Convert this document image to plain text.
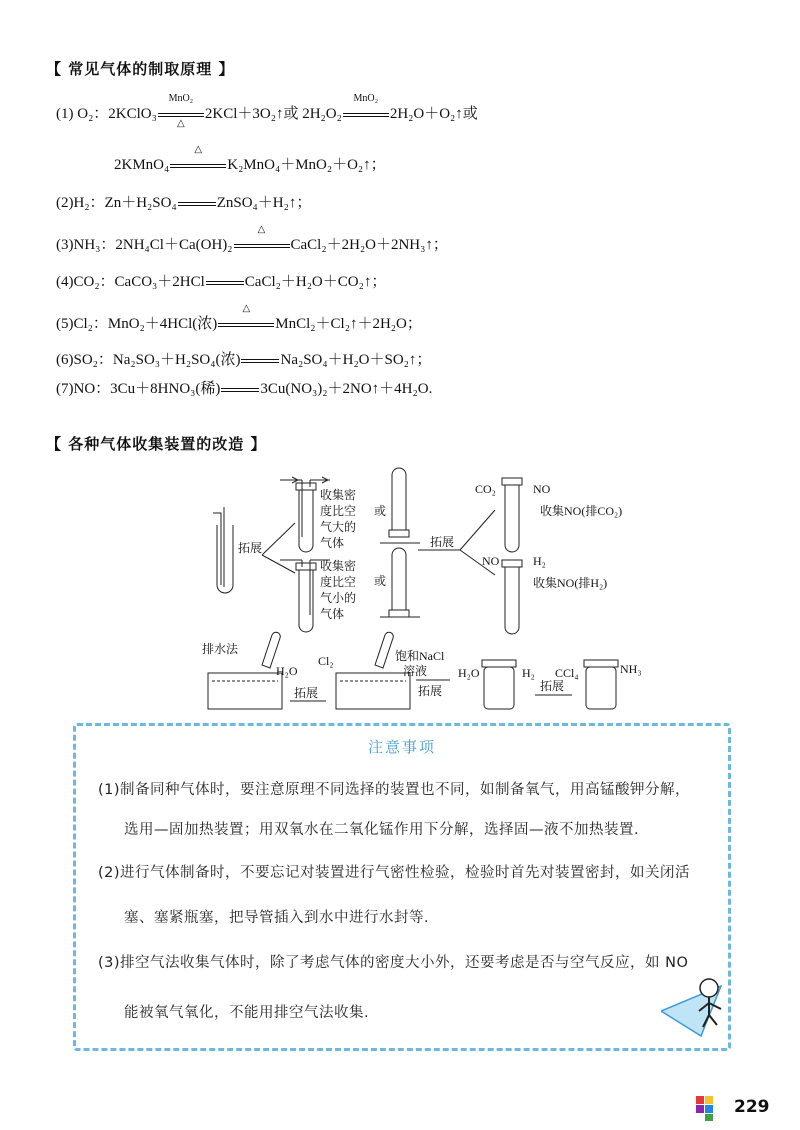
【 常见气体的制取原理 】
(1) O₂：2KClO₃
MnO₂
△
2KCl＋3O₂↑或 2H₂O₂
MnO₂
2H₂O＋O₂↑或
2KMnO₄
△
K₂MnO₄＋MnO₂＋O₂↑；
(2)H₂：Zn＋H₂SO₄	ZnSO₄＋H₂↑；
(3)NH₃：2NH₄Cl＋Ca(OH)₂
△
CaCl₂＋2H₂O＋2NH₃↑；
(4)CO₂：CaCO₃＋2HCl	CaCl₂＋H₂O＋CO₂↑；
(5)Cl₂：MnO₂＋4HCl(浓)
△
MnCl₂＋Cl₂↑＋2H₂O；
(6)SO₂：Na₂SO₃＋H₂SO₄(浓)	Na₂SO₄＋H₂O＋SO₂↑；
(7)NO：3Cu＋8HNO₃(稀)	3Cu(NO₃)₂＋2NO↑＋4H₂O.
【 各种气体收集装置的改造 】
拓展
收集密
度比空
气大的
气体
收集密
度比空
气小的
气体
或
或
拓展
CO₂	NO
收集NO(排CO₂)
NO	H₂
收集NO(排H₂)
排水法
H₂O
拓展
Cl₂	饱和NaCl
溶液
拓展
H₂O	H₂
拓展
CCl₄	NH₃
注意事项
(1)制备同种气体时，要注意原理不同选择的装置也不同，如制备氧气，用高锰酸钾分解，
选用—固加热装置；用双氧水在二氧化锰作用下分解，选择固—液不加热装置.
(2)进行气体制备时，不要忘记对装置进行气密性检验，检验时首先对装置密封，如关闭活
塞、塞紧瓶塞，把导管插入到水中进行水封等.
(3)排空气法收集气体时，除了考虑气体的密度大小外，还要考虑是否与空气反应，如 NO
能被氧气氧化，不能用排空气法收集.
229
